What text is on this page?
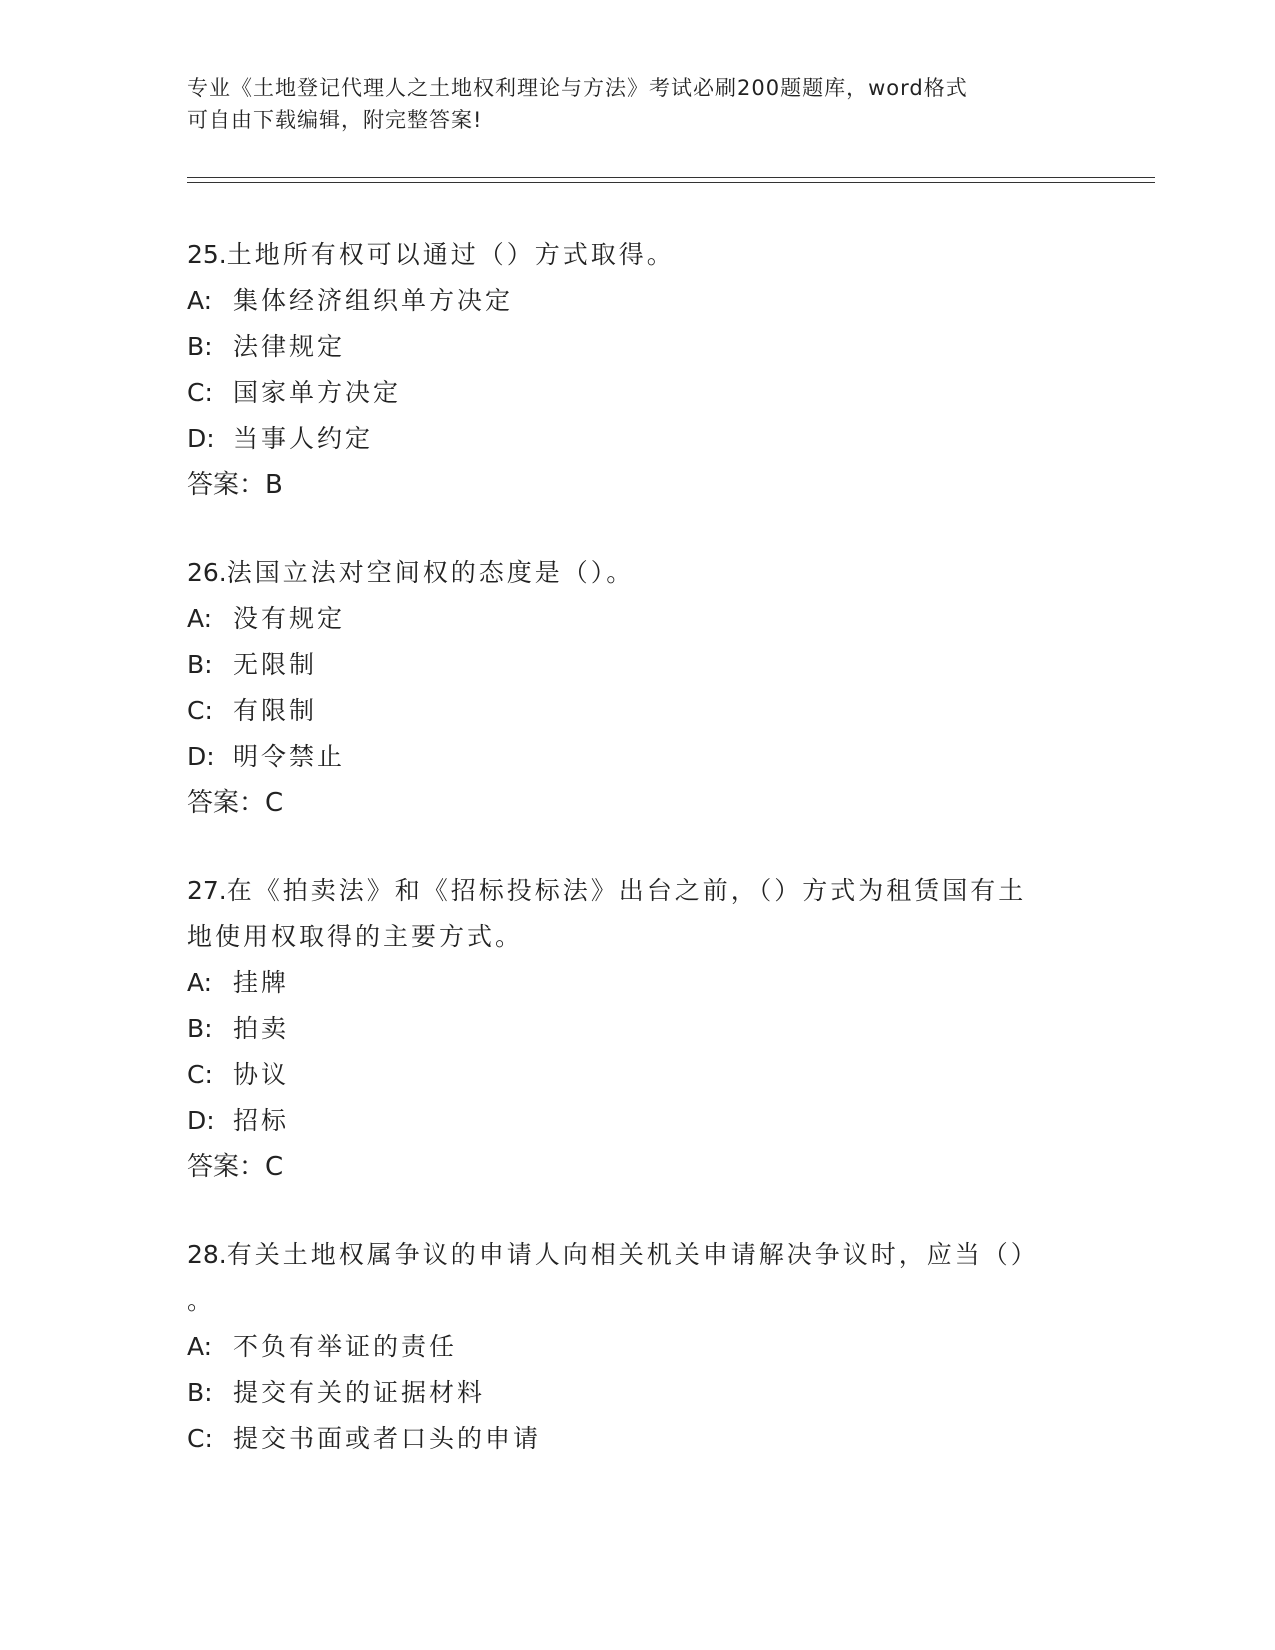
专业《土地登记代理人之土地权利理论与方法》考试必刷200题题库，word格式
可自由下载编辑，附完整答案!
25.土地所有权可以通过（）方式取得。
A: 集体经济组织单方决定
B: 法律规定
C: 国家单方决定
D: 当事人约定
答案：B
26.法国立法对空间权的态度是（）。
A: 没有规定
B: 无限制
C: 有限制
D: 明令禁止
答案：C
27.在《拍卖法》和《招标投标法》出台之前，（）方式为租赁国有土
地使用权取得的主要方式。
A: 挂牌
B: 拍卖
C: 协议
D: 招标
答案：C
28.有关土地权属争议的申请人向相关机关申请解决争议时，应当（）
。
A: 不负有举证的责任
B: 提交有关的证据材料
C: 提交书面或者口头的申请
